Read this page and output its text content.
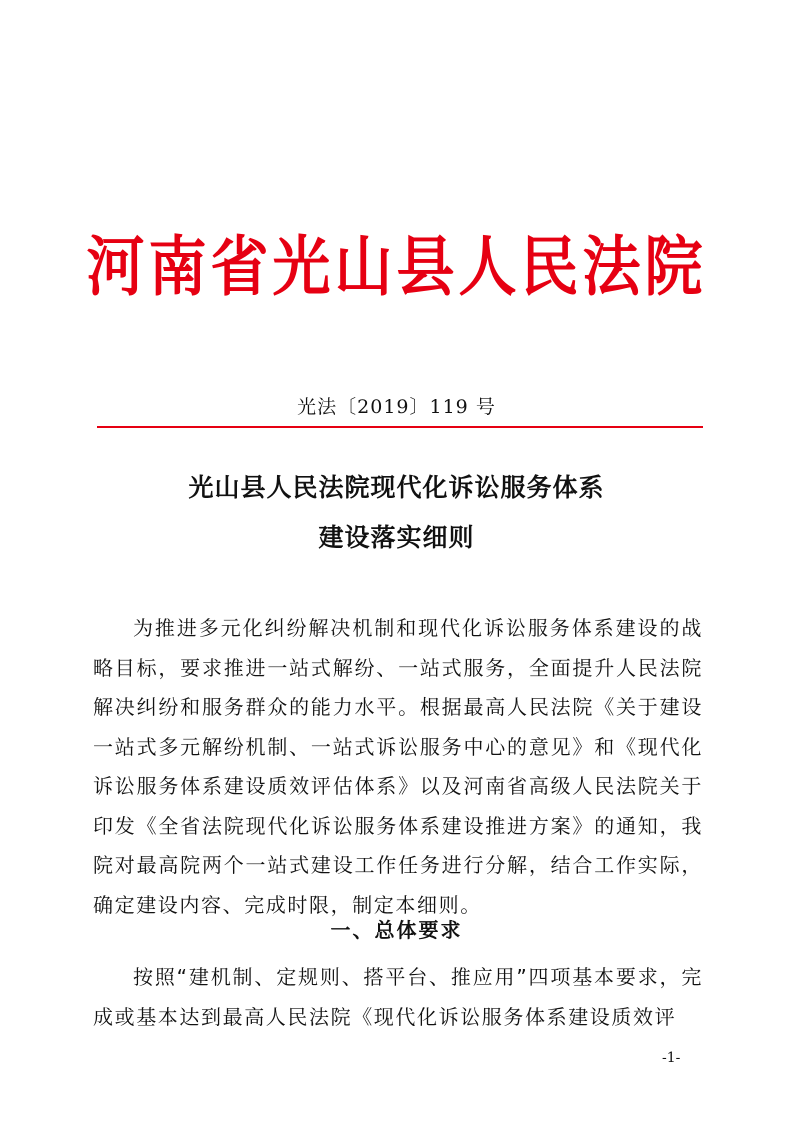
河南省光山县人民法院
光法〔2019〕119 号
光山县人民法院现代化诉讼服务体系
建设落实细则
为推进多元化纠纷解决机制和现代化诉讼服务体系建设的战略目标，要求推进一站式解纷、一站式服务，全面提升人民法院解决纠纷和服务群众的能力水平。根据最高人民法院《关于建设一站式多元解纷机制、一站式诉讼服务中心的意见》和《现代化诉讼服务体系建设质效评估体系》以及河南省高级人民法院关于印发《全省法院现代化诉讼服务体系建设推进方案》的通知，我院对最高院两个一站式建设工作任务进行分解，结合工作实际，确定建设内容、完成时限，制定本细则。
一、总体要求
按照“建机制、定规则、搭平台、推应用”四项基本要求，完成或基本达到最高人民法院《现代化诉讼服务体系建设质效评
-1-
